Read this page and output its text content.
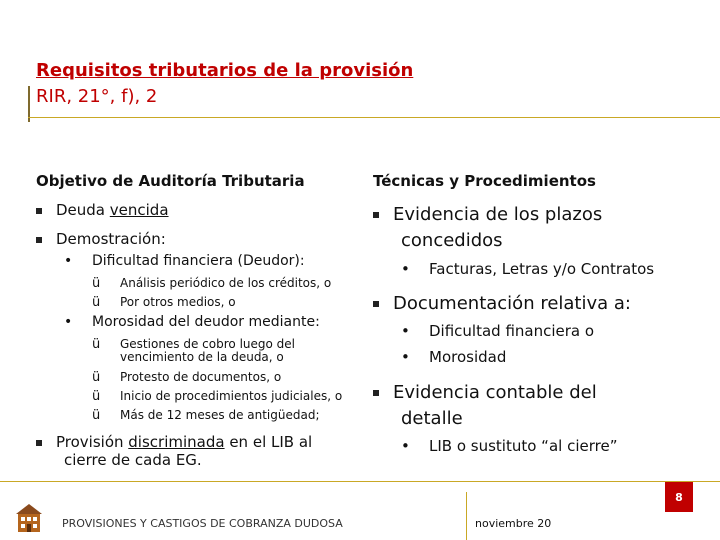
Requisitos tributarios de la provisión
RIR, 21°, f), 2
Objetivo de Auditoría Tributaria
Deuda vencida
Demostración:
• Dificultad financiera (Deudor):
ü Análisis periódico de los créditos, o
ü Por otros medios, o
• Morosidad del deudor mediante:
ü Gestiones de cobro luego del
vencimiento de la deuda, o
ü Protesto de documentos, o
ü Inicio de procedimientos judiciales, o
ü Más de 12 meses de antigüedad;
Provisión discriminada en el LIB al
cierre de cada EG.
Técnicas y Procedimientos
Evidencia de los plazos
concedidos
• Facturas, Letras y/o Contratos
Documentación relativa a:
• Dificultad financiera o
• Morosidad
Evidencia contable del
detalle
• LIB o sustituto “al cierre”
PROVISIONES Y CASTIGOS DE COBRANZA DUDOSA	noviembre 20
8
